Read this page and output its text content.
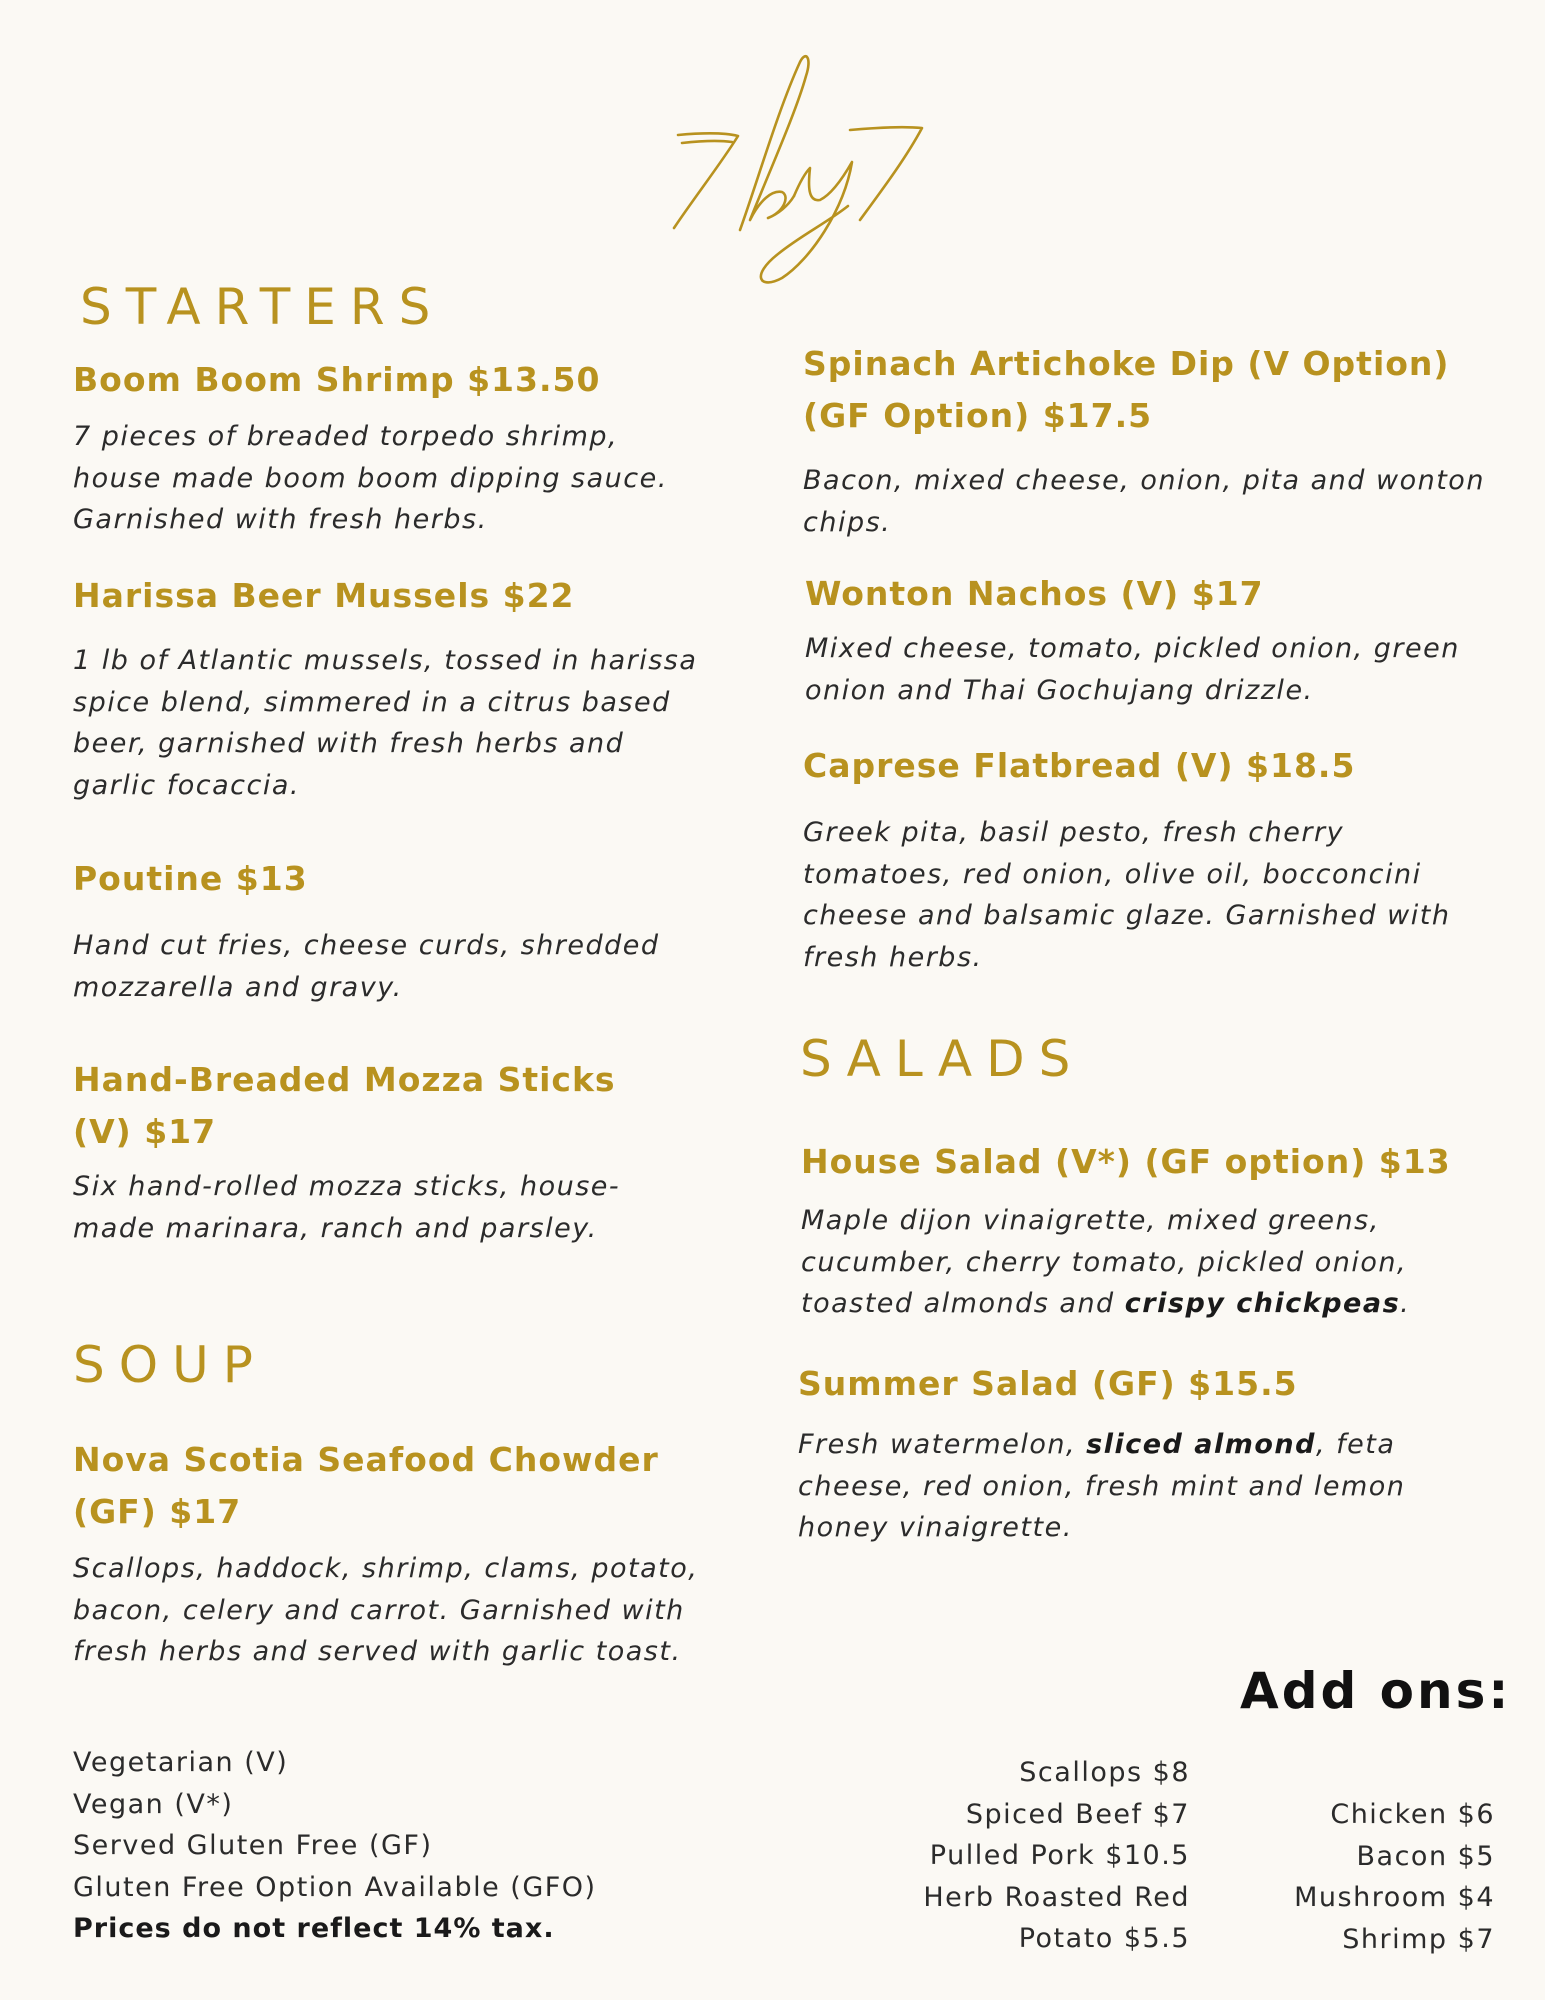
STARTERS
Boom Boom Shrimp $13.50

7 pieces of breaded torpedo shrimp, house made boom boom dipping sauce. Garnished with fresh herbs.

Harissa Beer Mussels $22

1 lb of Atlantic mussels, tossed in harissa spice blend, simmered in a citrus based beer, garnished with fresh herbs and garlic focaccia.

Poutine $13

Hand cut fries, cheese curds, shredded mozzarella and gravy.

Hand-Breaded Mozza Sticks (V) $17

Six hand-rolled mozza sticks, house-made marinara, ranch and parsley.

SOUP
Nova Scotia Seafood Chowder (GF) $17

Scallops, haddock, shrimp, clams, potato, bacon, celery and carrot. Garnished with fresh herbs and served with garlic toast.

Vegetarian (V)
Vegan (V*)
Served Gluten Free (GF)
Gluten Free Option Available (GFO)
Prices do not reflect 14% tax.
Spinach Artichoke Dip (V Option) (GF Option) $17.5

Bacon, mixed cheese, onion, pita and wonton chips.

Wonton Nachos (V) $17

Mixed cheese, tomato, pickled onion, green onion and Thai Gochujang drizzle.

Caprese Flatbread (V) $18.5

Greek pita, basil pesto, fresh cherry tomatoes, red onion, olive oil, bocconcini cheese and balsamic glaze. Garnished with fresh herbs.

SALADS
House Salad (V*) (GF option) $13

Maple dijon vinaigrette, mixed greens, cucumber, cherry tomato, pickled onion, toasted almonds and crispy chickpeas.

Summer Salad (GF) $15.5

Fresh watermelon, sliced almond, feta cheese, red onion, fresh mint and lemon honey vinaigrette.

Add ons:
Scallops $8
Spiced Beef $7
Pulled Pork $10.5
Herb Roasted Red
Potato $5.5
Chicken $6
Bacon $5
Mushroom $4
Shrimp $7
